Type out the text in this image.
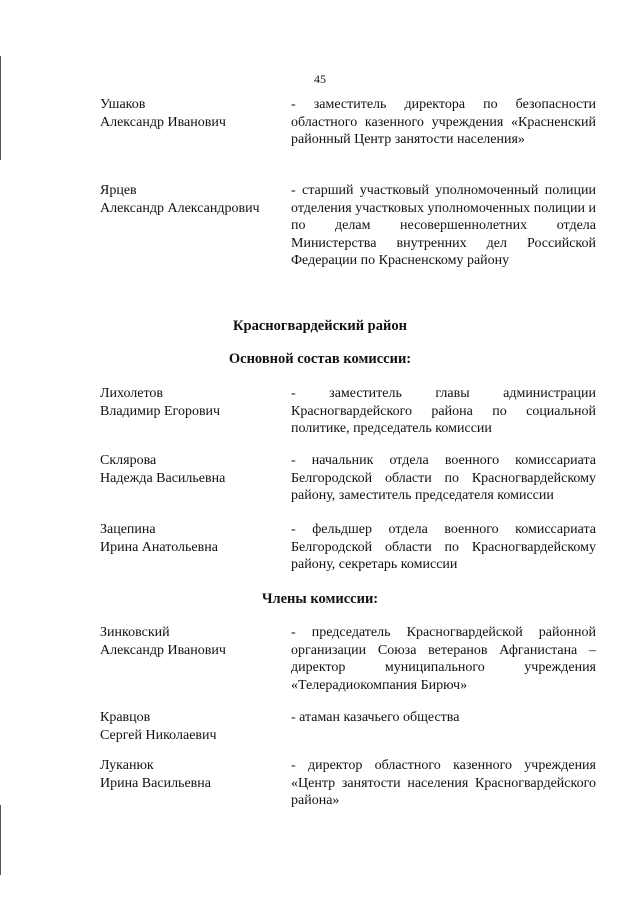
45
Ушаков
Александр Иванович
- заместитель директора по безопасности областного казенного учреждения «Красненский районный Центр занятости населения»
Ярцев
Александр Александрович
- старший участковый уполномоченный полиции отделения участковых уполномоченных полиции и по делам несовершеннолетних отдела Министерства внутренних дел Российской Федерации по Красненскому району
Красногвардейский район
Основной состав комиссии:
Лихолетов
Владимир Егорович
- заместитель главы администрации Красногвардейского района по социальной политике, председатель комиссии
Склярова
Надежда Васильевна
- начальник отдела военного комиссариата Белгородской области по Красногвардейскому району, заместитель председателя комиссии
Зацепина
Ирина Анатольевна
- фельдшер отдела военного комиссариата Белгородской области по Красногвардейскому району, секретарь комиссии
Члены комиссии:
Зинковский
Александр Иванович
- председатель Красногвардейской районной организации Союза ветеранов Афганистана – директор муниципального учреждения «Телерадиокомпания Бирюч»
Кравцов
Сергей Николаевич
- атаман казачьего общества
Луканюк
Ирина Васильевна
- директор областного казенного учреждения «Центр занятости населения Красногвардейского района»
